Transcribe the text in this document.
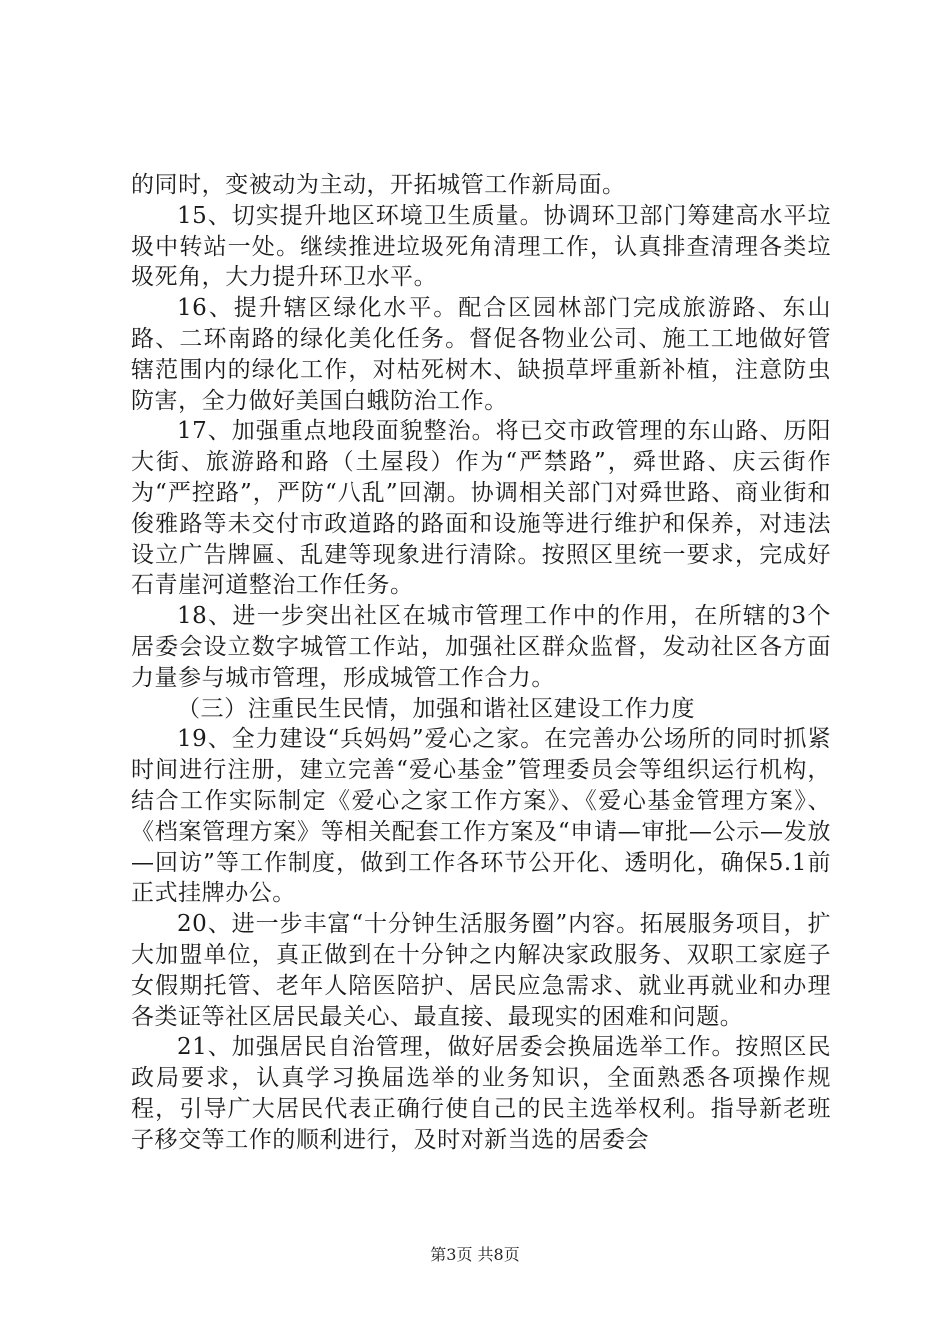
的同时，变被动为主动，开拓城管工作新局面。

15、切实提升地区环境卫生质量。协调环卫部门筹建高水平垃圾中转站一处。继续推进垃圾死角清理工作，认真排查清理各类垃圾死角，大力提升环卫水平。

16、提升辖区绿化水平。配合区园林部门完成旅游路、东山路、二环南路的绿化美化任务。督促各物业公司、施工工地做好管辖范围内的绿化工作，对枯死树木、缺损草坪重新补植，注意防虫防害，全力做好美国白蛾防治工作。

17、加强重点地段面貌整治。将已交市政管理的东山路、历阳大街、旅游路和路（土屋段）作为“严禁路”，舜世路、庆云街作为“严控路”，严防“八乱”回潮。协调相关部门对舜世路、商业街和俊雅路等未交付市政道路的路面和设施等进行维护和保养，对违法设立广告牌匾、乱建等现象进行清除。按照区里统一要求，完成好石青崖河道整治工作任务。

18、进一步突出社区在城市管理工作中的作用，在所辖的3个居委会设立数字城管工作站，加强社区群众监督，发动社区各方面力量参与城市管理，形成城管工作合力。

（三）注重民生民情，加强和谐社区建设工作力度

19、全力建设“兵妈妈”爱心之家。在完善办公场所的同时抓紧时间进行注册，建立完善“爱心基金”管理委员会等组织运行机构，结合工作实际制定《爱心之家工作方案》、《爱心基金管理方案》、《档案管理方案》等相关配套工作方案及“申请—审批—公示—发放—回访”等工作制度，做到工作各环节公开化、透明化，确保5.1前正式挂牌办公。

20、进一步丰富“十分钟生活服务圈”内容。拓展服务项目，扩大加盟单位，真正做到在十分钟之内解决家政服务、双职工家庭子女假期托管、老年人陪医陪护、居民应急需求、就业再就业和办理各类证等社区居民最关心、最直接、最现实的困难和问题。

21、加强居民自治管理，做好居委会换届选举工作。按照区民政局要求，认真学习换届选举的业务知识，全面熟悉各项操作规程，引导广大居民代表正确行使自己的民主选举权利。指导新老班子移交等工作的顺利进行，及时对新当选的居委会

第3页 共8页
